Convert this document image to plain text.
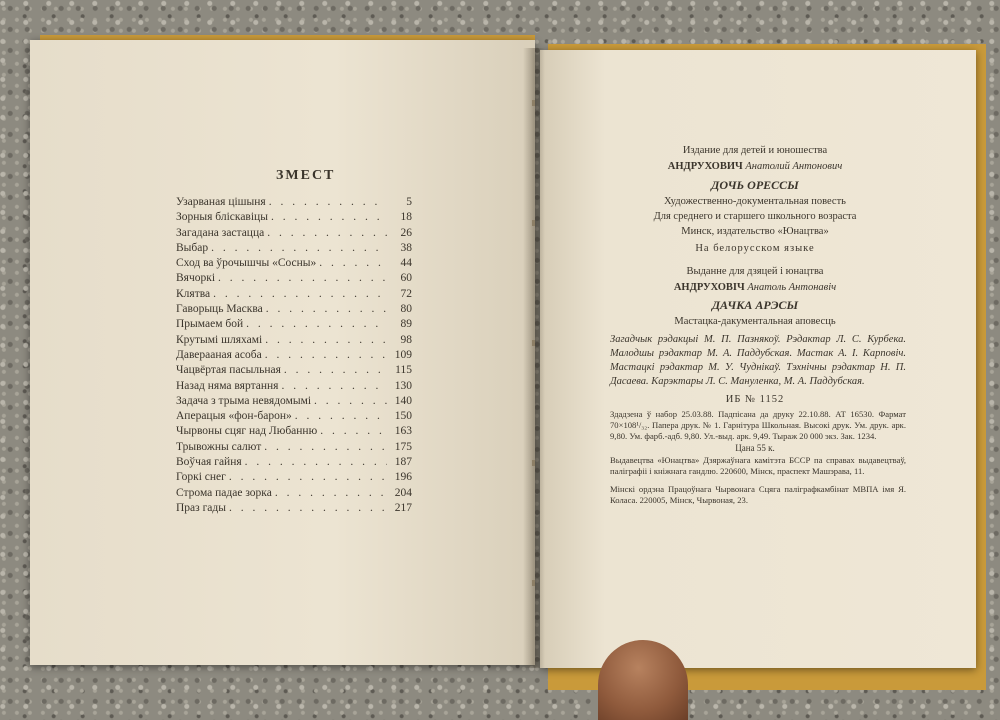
ЗМЕСТ
Узарваная цішыня . . .	5
Зорныя бліскавіцы . . .	18
Загадана застацца . . .	26
Выбар . . .	38
Сход ва ўрочышчы «Сосны» . . .	44
Вячоркі . . .	60
Клятва . . .	72
Гаворыць Масква . . .	80
Прымаем бой . . .	89
Крутымі шляхамі . . .	98
Даверааная асоба . . .	109
Чацвёртая пасыльная . . .	115
Назад няма вяртання . . .	130
Задача з трыма невядомымі . . .	140
Аперацыя «фон-барон» . . .	150
Чырвоны сцяг над Любанню . . .	163
Трывожны салют . . .	175
Воўчая гайня . . .	187
Горкі снег . . .	196
Строма падае зорка . . .	204
Праз гады . . .	217
Издание для детей и юношества
АНДРУХОВИЧ Анатолий Антонович
ДОЧЬ ОРЕССЫ
Художественно-документальная повесть
Для среднего и старшего школьного возраста
Минск, издательство «Юнацтва»
На белорусском языке
Выданне для дзяцей і юнацтва
АНДРУХОВІЧ Анатоль Антонавіч
ДАЧКА АРЭСЫ
Мастацка-дакументальная аповесць
Загадчык рэдакцыі М. П. Пазнякоў. Рэдактар Л. С. Курбека. Малодшы рэдактар М. А. Паддубская. Мастак А. І. Карповіч. Мастацкі рэдактар М. У. Чуднікаў. Тэхнічны рэдактар Н. П. Дасаева. Карэктары Л. С. Мануленка, М. А. Паддубская.
ИБ № 1152
Здадзена ў набор 25.03.88. Падпісана да друку 22.10.88. АТ 16530. Фармат 70×108¹/₃₂. Папера друк. № 1. Гарнітура Школьная. Высокі друк. Ум. друк. арк. 9,80. Ум. фарб.-адб. 9,80. Ул.-выд. арк. 9,49. Тыраж 20 000 экз. Зак. 1234.
Цана 55 к.
Выдавецтва «Юнацтва» Дзяржаўнага камітэта БССР па справах выдавецтваў, паліграфіі і кніжнага гандлю. 220600, Мінск, праспект Машэрава, 11.
Мінскі ордэна Працоўнага Чырвонага Сцяга паліграфкамбінат МВПА імя Я. Коласа. 220005, Мінск, Чырвоная, 23.
